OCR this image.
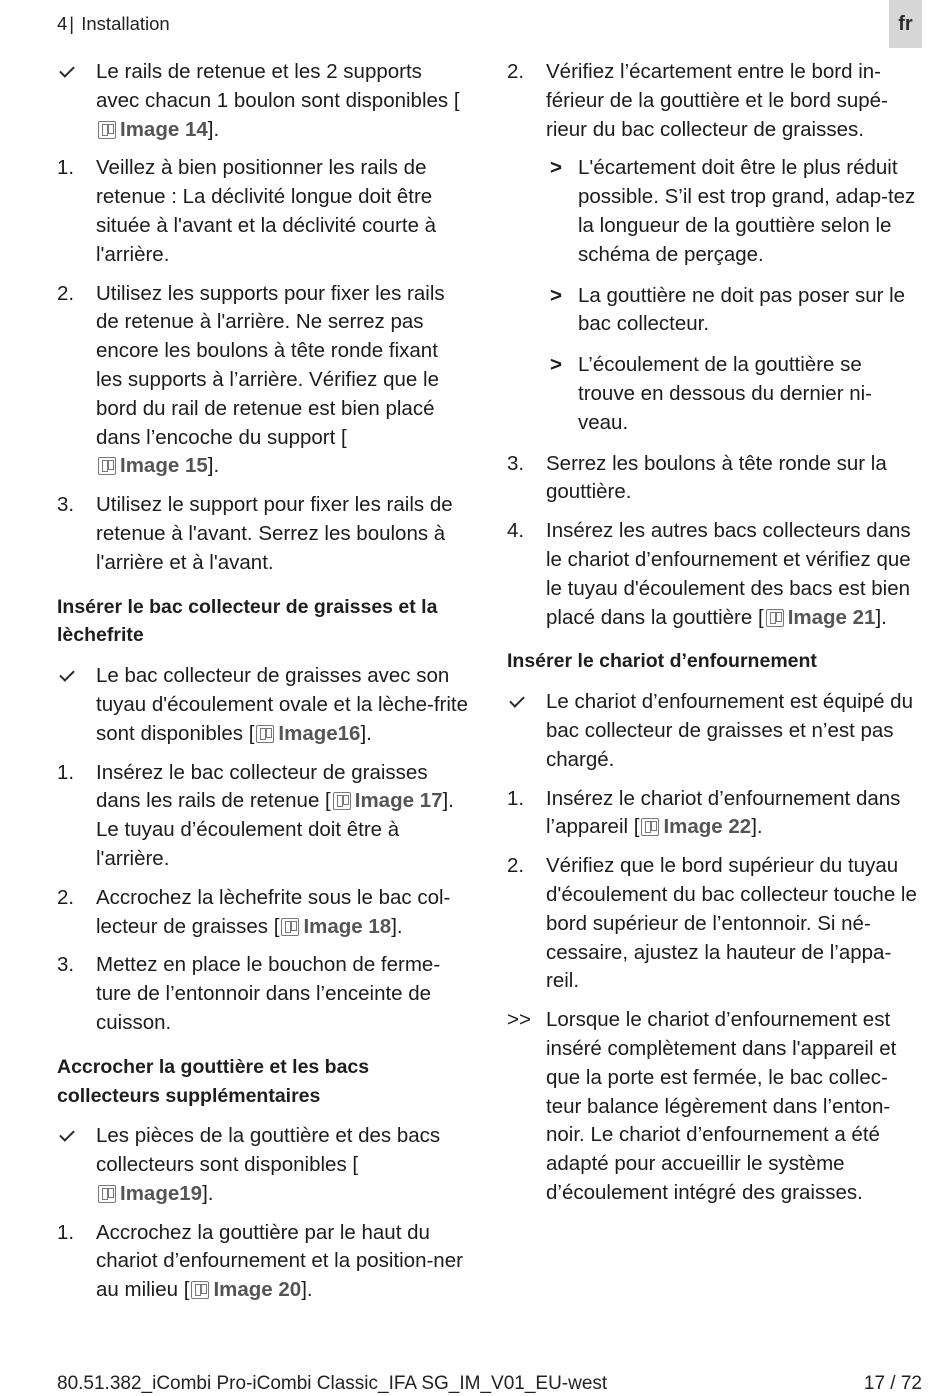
4 | Installation	fr
Le rails de retenue et les 2 supports avec chacun 1 boulon sont disponibles [Image 14].
1.	Veillez à bien positionner les rails de retenue : La déclivité longue doit être située à l'avant et la déclivité courte à l'arrière.
2.	Utilisez les supports pour fixer les rails de retenue à l'arrière. Ne serrez pas encore les boulons à tête ronde fixant les supports à l’arrière. Vérifiez que le bord du rail de retenue est bien placé dans l’encoche du support [Image 15].
3.	Utilisez le support pour fixer les rails de retenue à l'avant. Serrez les boulons à l'arrière et à l'avant.
Insérer le bac collecteur de graisses et la lèchefrite
Le bac collecteur de graisses avec son tuyau d'écoulement ovale et la lèche-frite sont disponibles [ Image16].
1.	Insérez le bac collecteur de graisses dans les rails de retenue [ Image 17]. Le tuyau d’écoulement doit être à l'arrière.
2.	Accrochez la lèchefrite sous le bac col-lecteur de graisses [ Image 18].
3.	Mettez en place le bouchon de ferme-ture de l’entonnoir dans l’enceinte de cuisson.
Accrocher la gouttière et les bacs collecteurs supplémentaires
Les pièces de la gouttière et des bacs collecteurs sont disponibles [Image19].
1.	Accrochez la gouttière par le haut du chariot d’enfournement et la position-ner au milieu [ Image 20].
2.	Vérifiez l’écartement entre le bord in-férieur de la gouttière et le bord supé-rieur du bac collecteur de graisses.
> L'écartement doit être le plus réduit possible. S’il est trop grand, adap-tez la longueur de la gouttière selon le schéma de perçage.
> La gouttière ne doit pas poser sur le bac collecteur.
> L’écoulement de la gouttière se trouve en dessous du dernier ni-veau.
3.	Serrez les boulons à tête ronde sur la gouttière.
4.	Insérez les autres bacs collecteurs dans le chariot d’enfournement et vérifiez que le tuyau d'écoulement des bacs est bien placé dans la gouttière [ Image 21].
Insérer le chariot d’enfournement
Le chariot d’enfournement est équipé du bac collecteur de graisses et n’est pas chargé.
1.	Insérez le chariot d’enfournement dans l’appareil [ Image 22].
2.	Vérifiez que le bord supérieur du tuyau d'écoulement du bac collecteur touche le bord supérieur de l’entonnoir. Si né-cessaire, ajustez la hauteur de l’appa-reil.
>> Lorsque le chariot d’enfournement est inséré complètement dans l'appareil et que la porte est fermée, le bac collec-teur balance légèrement dans l’enton-noir. Le chariot d’enfournement a été adapté pour accueillir le système d’écoulement intégré des graisses.
80.51.382_iCombi Pro-iCombi Classic_IFA SG_IM_V01_EU-west	17 / 72
